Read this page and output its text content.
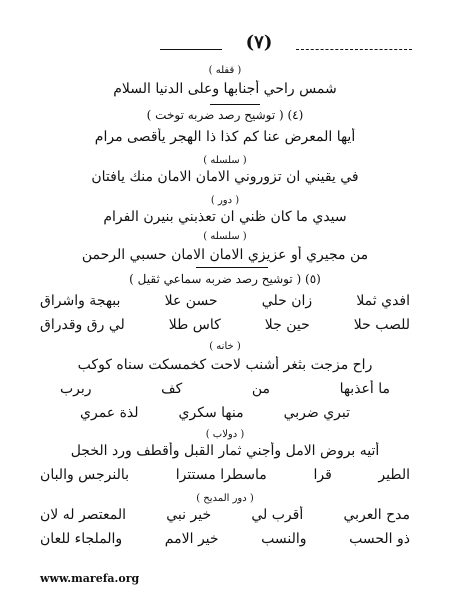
(٧)
( قفله )
شمس راحي أجنابها وعلى الدنيا السلام
(٤) ( توشيح رصد ضربه توخت )
أيها المعرض عنا كم كذا ذا الهجر يأقصى مرام
( سلسله )
في يقيني ان تزوروني الامان الامان منك يافتان
( دور )
سيدي ما كان ظني ان تعذبني بنيرن الفرام
( سلسله )
من مجيري أو عزيزي الامان الامان حسبي الرحمن
(٥) ( توشيح رصد ضربه سماعي ثقيل )
افدي ثملا
زان حلي
حسن علا
ببهجة واشراق
للصب حلا
حين جلا
كاس طلا
لي رق وقدراق
( خانه )
راح مزجت بثغر أشنب لاحت كخمسكت سناه كوكب
ما أعذبها
من
كف
ربرب
تبري ضربي
منها سكري
لذة عمري
( دولاب )
أتيه بروض الامل وأجني ثمار القبل وأقطف ورد الخجل
الطير
قرا
ماسطرا مستترا
بالنرجس والبان
( دور المديح )
مدح العربي
أقرب لي
خير نبي
المعتصر له لان
ذو الحسب
والنسب
خير الامم
والملجاء للعان
www.marefa.org
